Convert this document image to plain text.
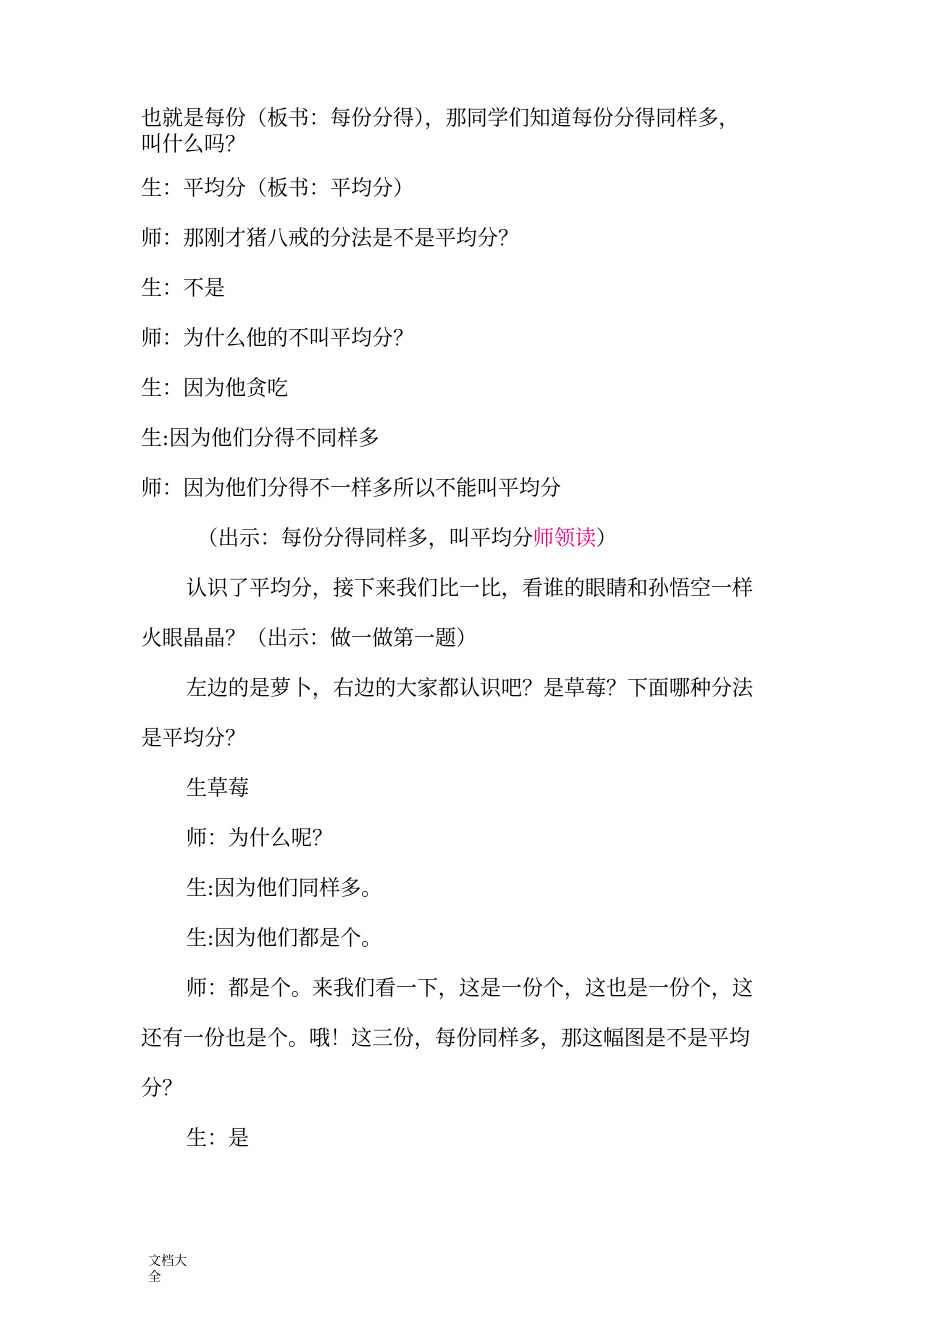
也就是每份（板书：每份分得），那同学们知道每份分得同样多，

叫什么吗？

生：平均分（板书：平均分）

师：那刚才猪八戒的分法是不是平均分？

生：不是

师：为什么他的不叫平均分？

生：因为他贪吃

生:因为他们分得不同样多

师：因为他们分得不一样多所以不能叫平均分

（出示：每份分得同样多，叫平均分师领读）

认识了平均分，接下来我们比一比，看谁的眼睛和孙悟空一样

火眼晶晶？（出示：做一做第一题）

左边的是萝卜，右边的大家都认识吧？是草莓？下面哪种分法

是平均分？

生草莓

师：为什么呢？

生:因为他们同样多。

生:因为他们都是个。

师：都是个。来我们看一下，这是一份个，这也是一份个，这

还有一份也是个。哦！这三份，每份同样多，那这幅图是不是平均

分？

生：是

文档大
全
